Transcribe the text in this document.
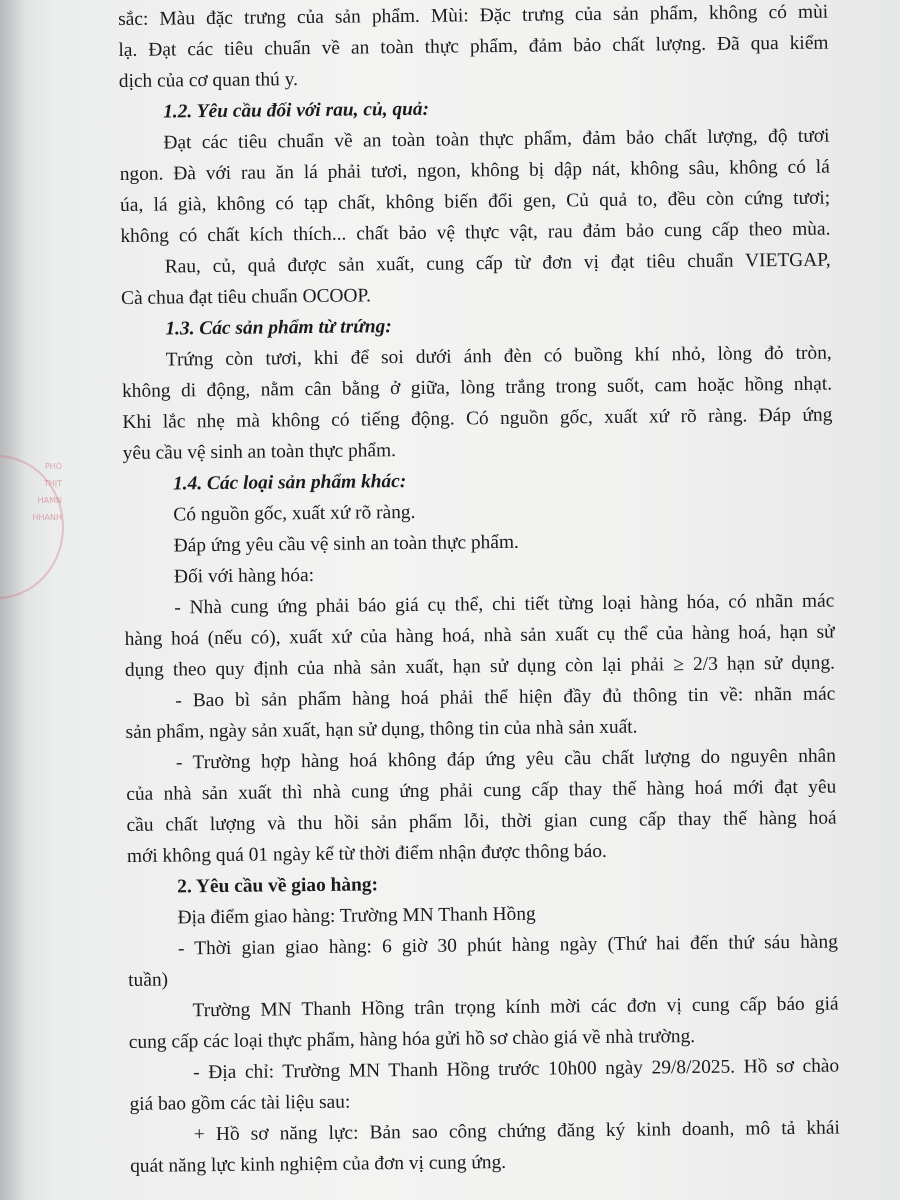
PHÒ
THỊT
HAMN
HHANH
sắc: Màu đặc trưng của sản phẩm. Mùi: Đặc trưng của sản phẩm, không có mùi
lạ. Đạt các tiêu chuẩn về an toàn thực phẩm, đảm bảo chất lượng. Đã qua kiểm
dịch của cơ quan thú y.
1.2. Yêu cầu đối với rau, củ, quả:
Đạt các tiêu chuẩn về an toàn toàn thực phẩm, đảm bảo chất lượng, độ tươi
ngon. Đà với rau ăn lá phải tươi, ngon, không bị dập nát, không sâu, không có lá
úa, lá già, không có tạp chất, không biến đổi gen, Củ quả to, đều còn cứng tươi;
không có chất kích thích... chất bảo vệ thực vật, rau đảm bảo cung cấp theo mùa.
Rau, củ, quả được sản xuất, cung cấp từ đơn vị đạt tiêu chuẩn VIETGAP,
Cà chua đạt tiêu chuẩn OCOOP.
1.3. Các sản phẩm từ trứng:
Trứng còn tươi, khi để soi dưới ánh đèn có buồng khí nhỏ, lòng đỏ tròn,
không di động, nằm cân bằng ở giữa, lòng trắng trong suốt, cam hoặc hồng nhạt.
Khi lắc nhẹ mà không có tiếng động. Có nguồn gốc, xuất xứ rõ ràng. Đáp ứng
yêu cầu vệ sinh an toàn thực phẩm.
1.4. Các loại sản phẩm khác:
Có nguồn gốc, xuất xứ rõ ràng.
Đáp ứng yêu cầu vệ sinh an toàn thực phẩm.
Đối với hàng hóa:
- Nhà cung ứng phải báo giá cụ thể, chi tiết từng loại hàng hóa, có nhãn mác
hàng hoá (nếu có), xuất xứ của hàng hoá, nhà sản xuất cụ thể của hàng hoá, hạn sử
dụng theo quy định của nhà sản xuất, hạn sử dụng còn lại phải ≥ 2/3 hạn sử dụng.
- Bao bì sản phẩm hàng hoá phải thể hiện đầy đủ thông tin về: nhãn mác
sản phẩm, ngày sản xuất, hạn sử dụng, thông tin của nhà sản xuất.
- Trường hợp hàng hoá không đáp ứng yêu cầu chất lượng do nguyên nhân
của nhà sản xuất thì nhà cung ứng phải cung cấp thay thế hàng hoá mới đạt yêu
cầu chất lượng và thu hồi sản phẩm lỗi, thời gian cung cấp thay thế hàng hoá
mới không quá 01 ngày kể từ thời điểm nhận được thông báo.
2. Yêu cầu về giao hàng:
Địa điểm giao hàng: Trường MN Thanh Hồng
- Thời gian giao hàng: 6 giờ 30 phút hàng ngày (Thứ hai đến thứ sáu hàng
tuần)
Trường MN Thanh Hồng trân trọng kính mời các đơn vị cung cấp báo giá
cung cấp các loại thực phẩm, hàng hóa gửi hồ sơ chào giá về nhà trường.
- Địa chỉ: Trường MN Thanh Hồng trước 10h00 ngày 29/8/2025. Hồ sơ chào
giá bao gồm các tài liệu sau:
+ Hồ sơ năng lực: Bản sao công chứng đăng ký kinh doanh, mô tả khái
quát năng lực kinh nghiệm của đơn vị cung ứng.
